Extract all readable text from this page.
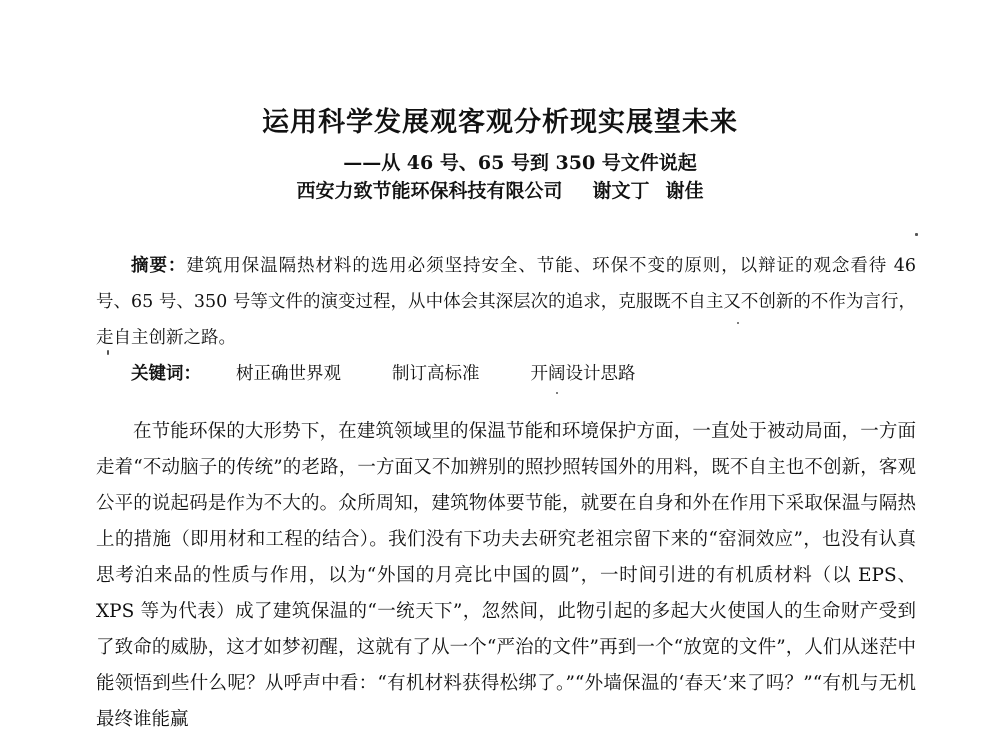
运用科学发展观客观分析现实展望未来
——从 46 号、65 号到 350 号文件说起
西安力致节能环保科技有限公司 谢文丁 谢佳

摘要：建筑用保温隔热材料的选用必须坚持安全、节能、环保不变的原则，以辩证的观念看待 46 号、65 号、350 号等文件的演变过程，从中体会其深层次的追求，克服既不自主又不创新的不作为言行，走自主创新之路。

关键词： 树正确世界观	制订高标准	开阔设计思路

在节能环保的大形势下，在建筑领域里的保温节能和环境保护方面，一直处于被动局面，一方面走着“不动脑子的传统”的老路，一方面又不加辨别的照抄照转国外的用料，既不自主也不创新，客观公平的说起码是作为不大的。众所周知，建筑物体要节能，就要在自身和外在作用下采取保温与隔热上的措施（即用材和工程的结合）。我们没有下功夫去研究老祖宗留下来的“窑洞效应”，也没有认真思考泊来品的性质与作用，以为“外国的月亮比中国的圆”，一时间引进的有机质材料（以 EPS、XPS 等为代表）成了建筑保温的“一统天下”，忽然间，此物引起的多起大火使国人的生命财产受到了致命的威胁，这才如梦初醒，这就有了从一个“严治的文件”再到一个“放宽的文件”，人们从迷茫中能领悟到些什么呢？从呼声中看：“有机材料获得松绑了。”“外墙保温的‘春天’来了吗？”“有机与无机最终谁能赢
